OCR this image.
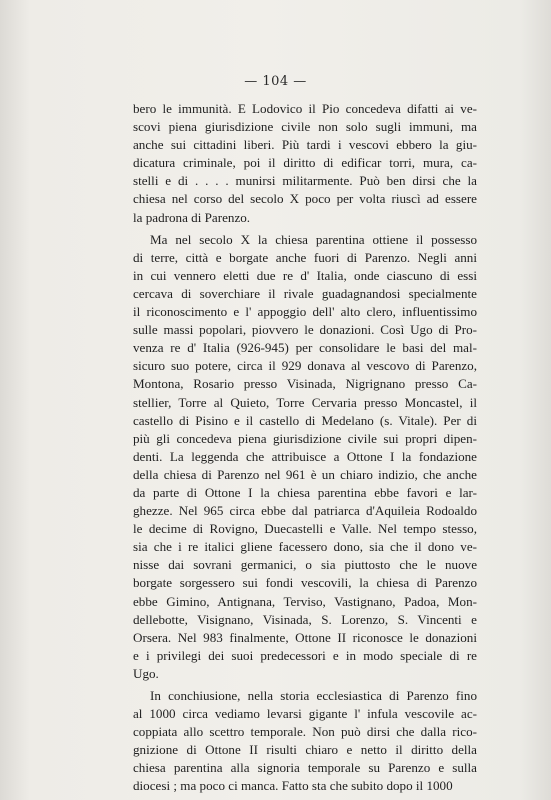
— 104 —
bero le immunità. E Lodovico il Pio concedeva difatti ai ve-
scovi piena giurisdizione civile non solo sugli immuni, ma
anche sui cittadini liberi. Più tardi i vescovi ebbero la giu-
dicatura criminale, poi il diritto di edificar torri, mura, ca-
stelli e di . . . . munirsi militarmente. Può ben dirsi che la
chiesa nel corso del secolo X poco per volta riuscì ad essere
la padrona di Parenzo.
Ma nel secolo X la chiesa parentina ottiene il possesso
di terre, città e borgate anche fuori di Parenzo. Negli anni
in cui vennero eletti due re d' Italia, onde ciascuno di essi
cercava di soverchiare il rivale guadagnandosi specialmente
il riconoscimento e l' appoggio dell' alto clero, influentissimo
sulle massi popolari, piovvero le donazioni. Così Ugo di Pro-
venza re d' Italia (926-945) per consolidare le basi del mal-
sicuro suo potere, circa il 929 donava al vescovo di Parenzo,
Montona, Rosario presso Visinada, Nigrignano presso Ca-
stellier, Torre al Quieto, Torre Cervaria presso Moncastel, il
castello di Pisino e il castello di Medelano (s. Vitale). Per di
più gli concedeva piena giurisdizione civile sui propri dipen-
denti. La leggenda che attribuisce a Ottone I la fondazione
della chiesa di Parenzo nel 961 è un chiaro indizio, che anche
da parte di Ottone I la chiesa parentina ebbe favori e lar-
ghezze. Nel 965 circa ebbe dal patriarca d'Aquileia Rodoaldo
le decime di Rovigno, Duecastelli e Valle. Nel tempo stesso,
sia che i re italici gliene facessero dono, sia che il dono ve-
nisse dai sovrani germanici, o sia piuttosto che le nuove
borgate sorgessero sui fondi vescovili, la chiesa di Parenzo
ebbe Gimino, Antignana, Terviso, Vastignano, Padoa, Mon-
dellebotte, Visignano, Visinada, S. Lorenzo, S. Vincenti e
Orsera. Nel 983 finalmente, Ottone II riconosce le donazioni
e i privilegi dei suoi predecessori e in modo speciale di re
Ugo.
In conchiusione, nella storia ecclesiastica di Parenzo fino
al 1000 circa vediamo levarsi gigante l' infula vescovile ac-
coppiata allo scettro temporale. Non può dirsi che dalla rico-
gnizione di Ottone II risulti chiaro e netto il diritto della
chiesa parentina alla signoria temporale su Parenzo e sulla
diocesi ; ma poco ci manca. Fatto sta che subito dopo il 1000
